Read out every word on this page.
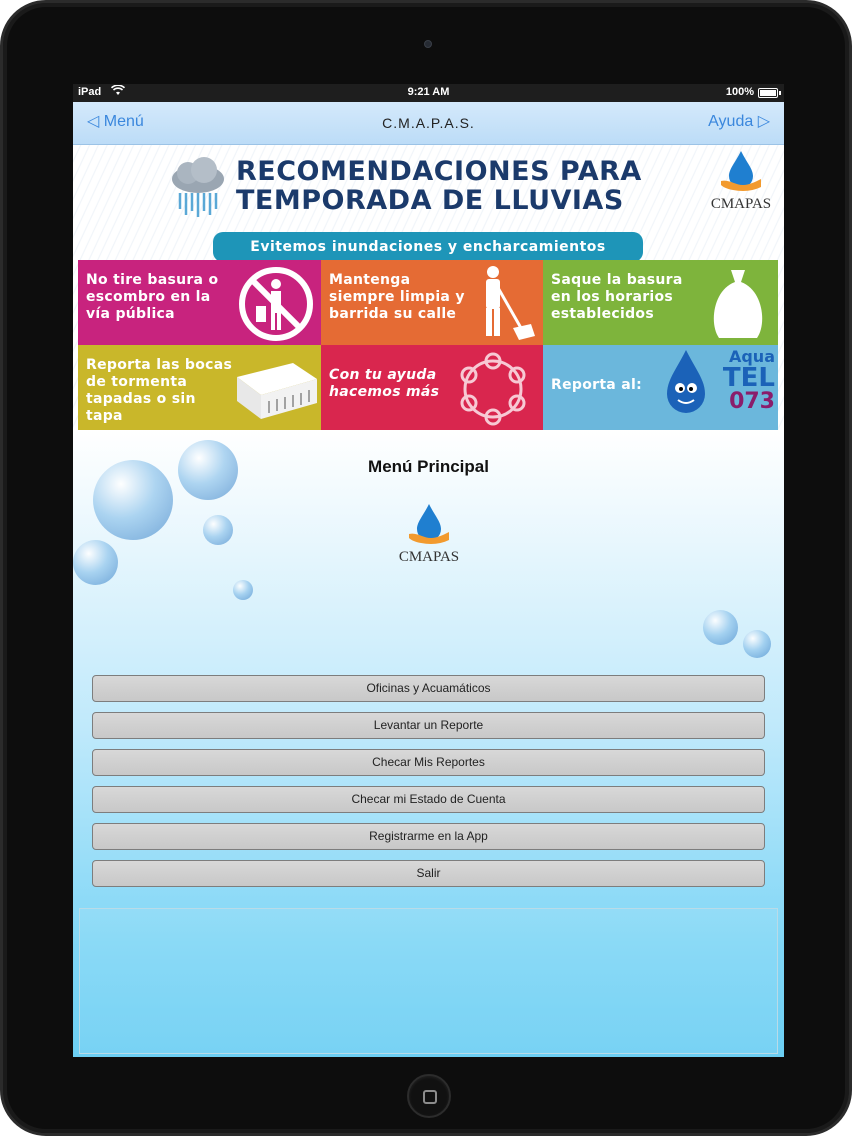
iPad	9:21 AM	100%
◁ Menú	C.M.A.P.A.S.	Ayuda ▷
RECOMENDACIONES PARA
TEMPORADA DE LLUVIAS	CMAPAS
Evitemos inundaciones y encharcamientos
No tire basura o escombro en la vía pública
Mantenga siempre limpia y barrida su calle
Saque la basura en los horarios establecidos
Reporta las bocas de tormenta tapadas o sin tapa
Con tu ayuda hacemos más	Reporta al:
Aqua
TEL
073
Menú Principal
CMAPAS
Oficinas y Acuamáticos
Levantar un Reporte
Checar Mis Reportes
Checar mi Estado de Cuenta
Registrarme en la App
Salir
